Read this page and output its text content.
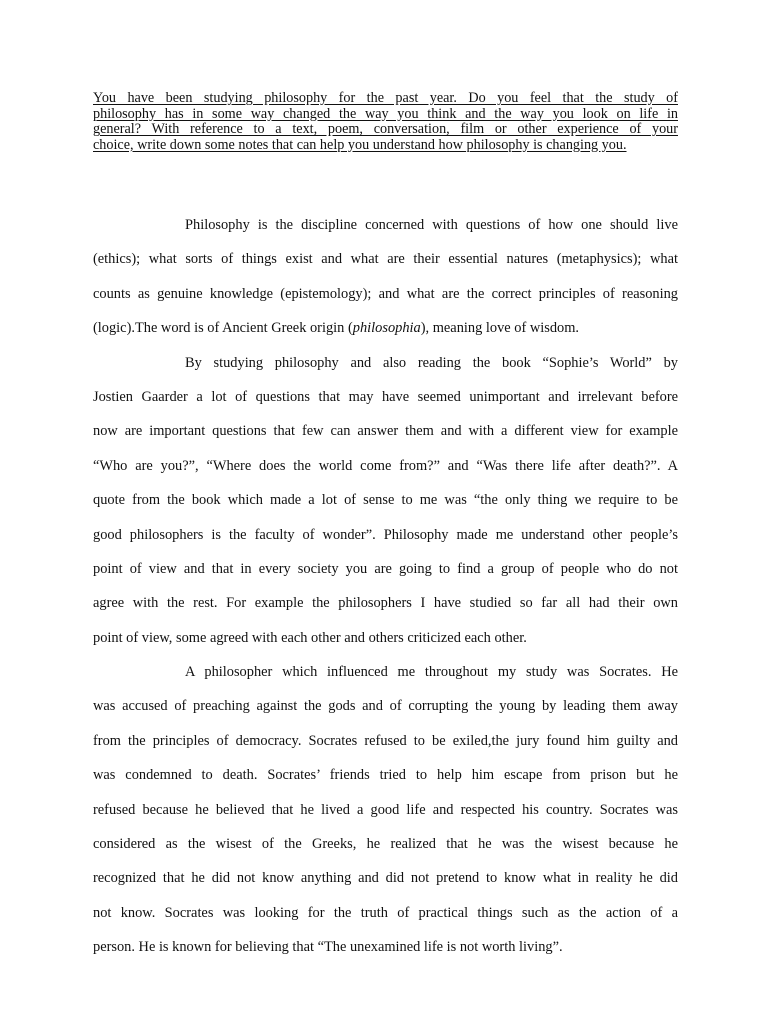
You have been studying philosophy for the past year. Do you feel that the study of
philosophy has in some way changed the way you think and the way you look on life in
general? With reference to a text, poem, conversation, film or other experience of your
choice, write down some notes that can help you understand how philosophy is changing you.
Philosophy is the discipline concerned with questions of how one should live
(ethics); what sorts of things exist and what are their essential natures (metaphysics); what
counts as genuine knowledge (epistemology); and what are the correct principles of reasoning
(logic).The word is of Ancient Greek origin (philosophia), meaning love of wisdom.
By studying philosophy and also reading the book “Sophie’s World” by
Jostien Gaarder a lot of questions that may have seemed unimportant and irrelevant before
now are important questions that few can answer them and with a different view for example
“Who are you?”, “Where does the world come from?” and “Was there life after death?”. A
quote from the book which made a lot of sense to me was “the only thing we require to be
good philosophers is the faculty of wonder”. Philosophy made me understand other people’s
point of view and that in every society you are going to find a group of people who do not
agree with the rest. For example the philosophers I have studied so far all had their own
point of view, some agreed with each other and others criticized each other.
A philosopher which influenced me throughout my study was Socrates. He
was accused of preaching against the gods and of corrupting the young by leading them away
from the principles of democracy. Socrates refused to be exiled,the jury found him guilty and
was condemned to death. Socrates’ friends tried to help him escape from prison but he
refused because he believed that he lived a good life and respected his country. Socrates was
considered as the wisest of the Greeks, he realized that he was the wisest because he
recognized that he did not know anything and did not pretend to know what in reality he did
not know. Socrates was looking for the truth of practical things such as the action of a
person. He is known for believing that “The unexamined life is not worth living”.
